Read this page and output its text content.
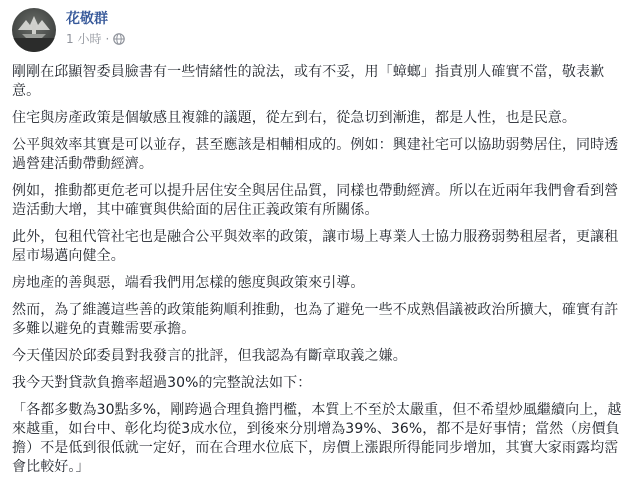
花敬群
1 小時 ·

剛剛在邱顯智委員臉書有一些情緒性的說法，或有不妥，用「蟑螂」指責別人確實不當，敬表歉意。

住宅與房產政策是個敏感且複雜的議題，從左到右，從急切到漸進，都是人性，也是民意。

公平與效率其實是可以並存，甚至應該是相輔相成的。例如：興建社宅可以協助弱勢居住，同時透過營建活動帶動經濟。

例如，推動都更危老可以提升居住安全與居住品質，同樣也帶動經濟。所以在近兩年我們會看到營造活動大增，其中確實與供給面的居住正義政策有所關係。

此外，包租代管社宅也是融合公平與效率的政策，讓市場上專業人士協力服務弱勢租屋者，更讓租屋市場邁向健全。

房地產的善與惡，端看我們用怎樣的態度與政策來引導。

然而，為了維護這些善的政策能夠順利推動，也為了避免一些不成熟倡議被政治所擴大，確實有許多難以避免的責難需要承擔。

今天僅因於邱委員對我發言的批評，但我認為有斷章取義之嫌。

我今天對貸款負擔率超過30%的完整說法如下：

「各都多數為30點多%，剛跨過合理負擔門檻，本質上不至於太嚴重，但不希望炒風繼續向上，越來越重，如台中、彰化均從3成水位，到後來分別增為39%、36%，都不是好事情；當然（房價負擔）不是低到很低就一定好，而在合理水位底下，房價上漲跟所得能同步增加，其實大家雨露均霑會比較好。」
